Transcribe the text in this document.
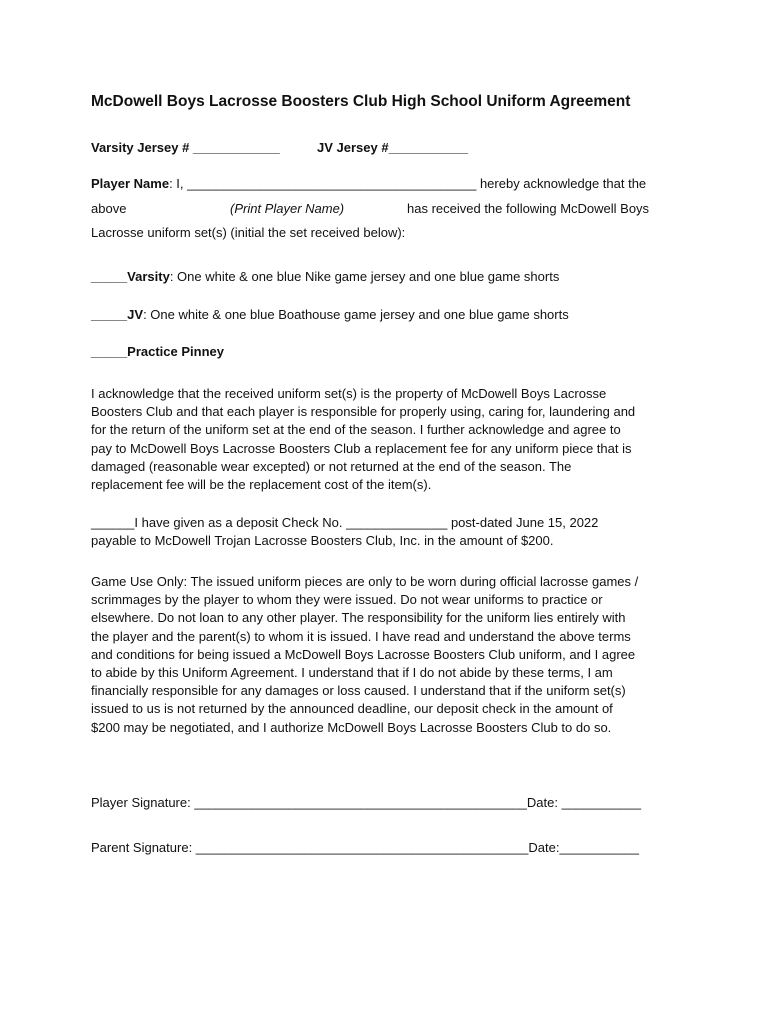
McDowell Boys Lacrosse Boosters Club High School Uniform Agreement
Varsity Jersey # ____________	JV Jersey #___________
Player Name: I, ________________________________________ hereby acknowledge that the
above	(Print Player Name)	has received the following McDowell Boys
Lacrosse uniform set(s) (initial the set received below):
_____Varsity: One white & one blue Nike game jersey and one blue game shorts
_____JV: One white & one blue Boathouse game jersey and one blue game shorts
_____Practice Pinney
I acknowledge that the received uniform set(s) is the property of McDowell Boys Lacrosse
Boosters Club and that each player is responsible for properly using, caring for, laundering and
for the return of the uniform set at the end of the season. I further acknowledge and agree to
pay to McDowell Boys Lacrosse Boosters Club a replacement fee for any uniform piece that is
damaged (reasonable wear excepted) or not returned at the end of the season. The
replacement fee will be the replacement cost of the item(s).
______I have given as a deposit Check No. ______________ post-dated June 15, 2022
payable to McDowell Trojan Lacrosse Boosters Club, Inc. in the amount of $200.
Game Use Only: The issued uniform pieces are only to be worn during official lacrosse games /
scrimmages by the player to whom they were issued. Do not wear uniforms to practice or
elsewhere. Do not loan to any other player. The responsibility for the uniform lies entirely with
the player and the parent(s) to whom it is issued. I have read and understand the above terms
and conditions for being issued a McDowell Boys Lacrosse Boosters Club uniform, and I agree
to abide by this Uniform Agreement. I understand that if I do not abide by these terms, I am
financially responsible for any damages or loss caused. I understand that if the uniform set(s)
issued to us is not returned by the announced deadline, our deposit check in the amount of
$200 may be negotiated, and I authorize McDowell Boys Lacrosse Boosters Club to do so.
Player Signature: ______________________________________________Date: ___________
Parent Signature: ______________________________________________Date:___________
